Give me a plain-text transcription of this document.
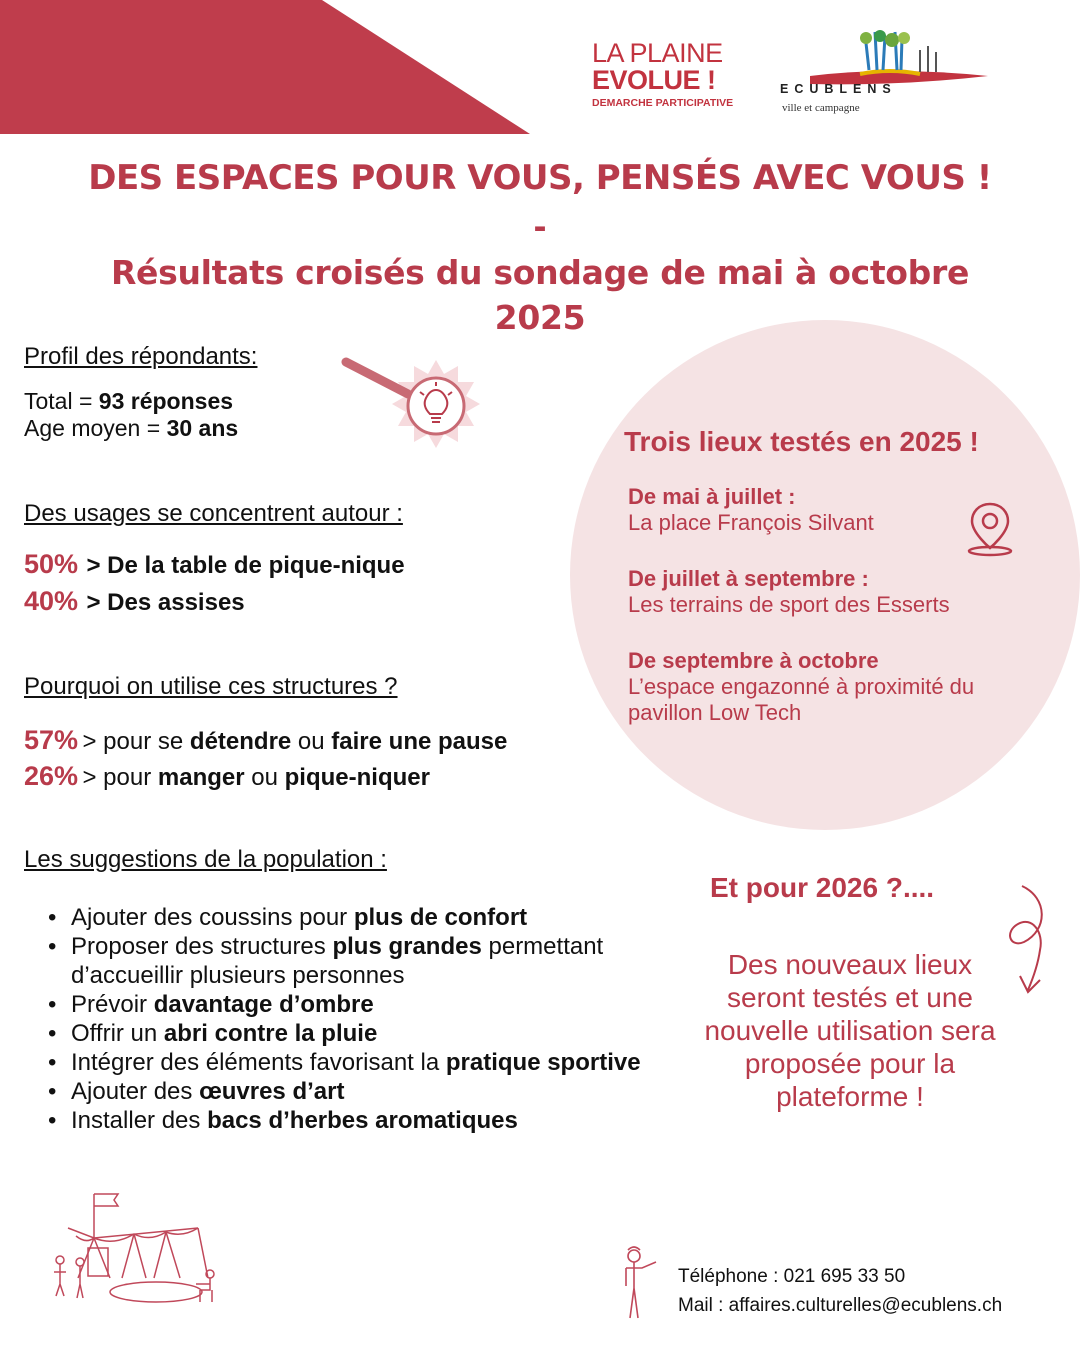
LA PLAINE
EVOLUE !
DEMARCHE PARTICIPATIVE
ECUBLENS
ville et campagne
DES ESPACES POUR VOUS, PENSÉS AVEC VOUS !
-
Résultats croisés du sondage de mai à octobre 2025
Profil des répondants:
Total = 93 réponses
Age moyen = 30 ans
Des usages se concentrent autour :
50% > De la table de pique-nique
40% > Des assises
Pourquoi on utilise ces structures ?
57% > pour se détendre ou faire une pause
26% > pour manger ou pique-niquer
Trois lieux testés en 2025 !
De mai à juillet :
La place François Silvant
De juillet à septembre :
Les terrains de sport des Esserts
De septembre à octobre
L’espace engazonné à proximité du pavillon Low Tech
Les suggestions de la population :
• Ajouter des coussins pour plus de confort
• Proposer des structures plus grandes permettant d’accueillir plusieurs personnes
• Prévoir davantage d’ombre
• Offrir un abri contre la pluie
• Intégrer des éléments favorisant la pratique sportive
• Ajouter des œuvres d’art
• Installer des bacs d’herbes aromatiques
Et pour 2026 ?....
Des nouveaux lieux seront testés et une nouvelle utilisation sera proposée pour la plateforme !
Téléphone : 021 695 33 50
Mail : affaires.culturelles@ecublens.ch
